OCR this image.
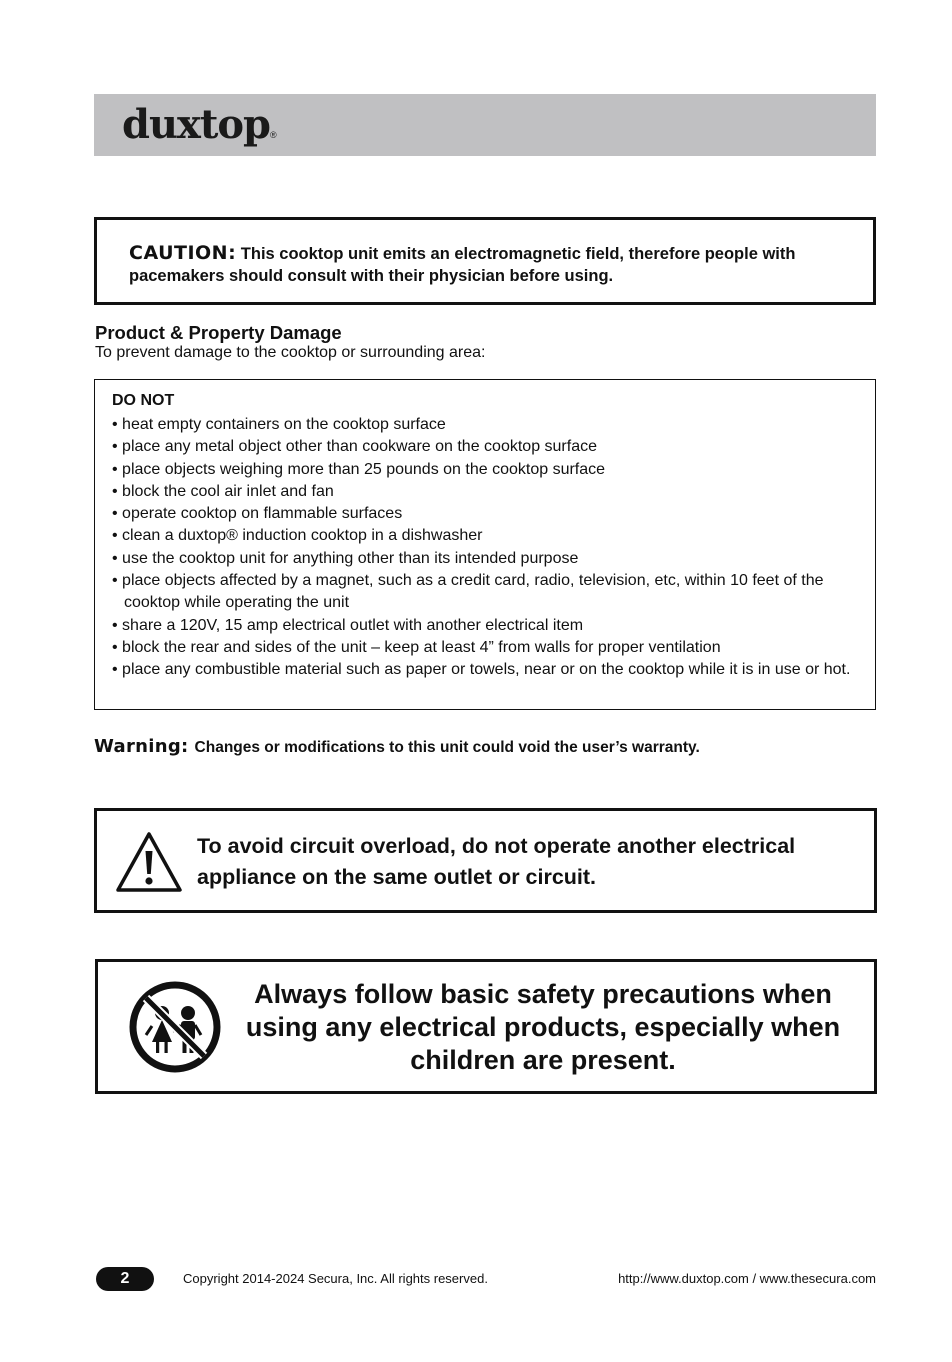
duxtop®
CAUTION: This cooktop unit emits an electromagnetic field, therefore people with pacemakers should consult with their physician before using.
Product & Property Damage
To prevent damage to the cooktop or surrounding area:
DO NOT
• heat empty containers on the cooktop surface
• place any metal object other than cookware on the cooktop surface
• place objects weighing more than 25 pounds on the cooktop surface
• block the cool air inlet and fan
• operate cooktop on flammable surfaces
• clean a duxtop® induction cooktop in a dishwasher
• use the cooktop unit for anything other than its intended purpose
• place objects affected by a magnet, such as a credit card, radio, television, etc, within 10 feet of the cooktop while operating the unit
• share a 120V, 15 amp electrical outlet with another electrical item
• block the rear and sides of the unit – keep at least 4” from walls for proper ventilation
• place any combustible material such as paper or towels, near or on the cooktop while it is in use or hot.
Warning: Changes or modifications to this unit could void the user’s warranty.
To avoid circuit overload, do not operate another electrical appliance on the same outlet or circuit.
Always follow basic safety precautions when using any electrical products, especially when children are present.
2	Copyright 2014-2024 Secura, Inc. All rights reserved.	http://www.duxtop.com / www.thesecura.com
